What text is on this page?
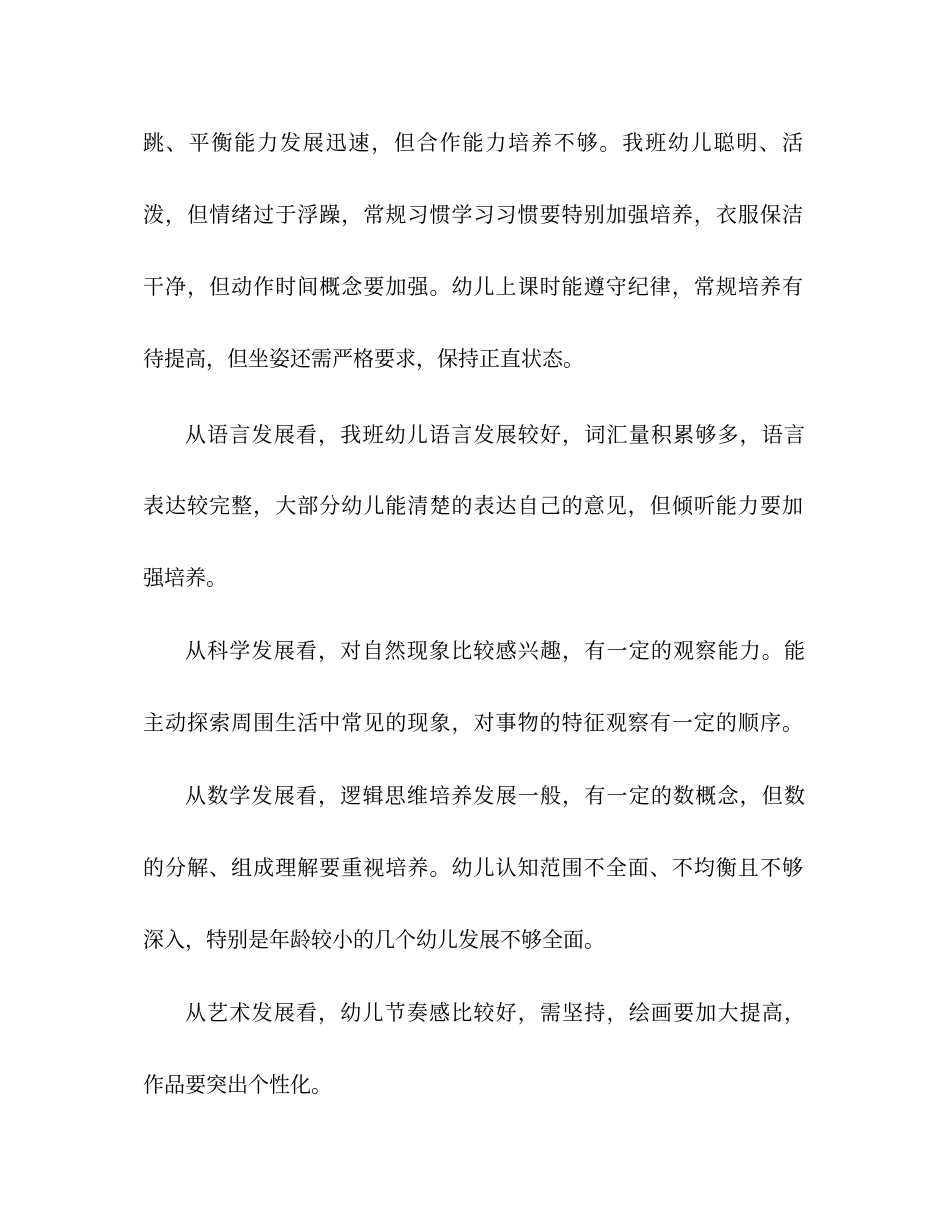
跳、平衡能力发展迅速，但合作能力培养不够。我班幼儿聪明、活

泼，但情绪过于浮躁，常规习惯学习习惯要特别加强培养，衣服保洁

干净，但动作时间概念要加强。幼儿上课时能遵守纪律，常规培养有

待提高，但坐姿还需严格要求，保持正直状态。

从语言发展看，我班幼儿语言发展较好，词汇量积累够多，语言

表达较完整，大部分幼儿能清楚的表达自己的意见，但倾听能力要加

强培养。

从科学发展看，对自然现象比较感兴趣，有一定的观察能力。能

主动探索周围生活中常见的现象，对事物的特征观察有一定的顺序。

从数学发展看，逻辑思维培养发展一般，有一定的数概念，但数

的分解、组成理解要重视培养。幼儿认知范围不全面、不均衡且不够

深入，特别是年龄较小的几个幼儿发展不够全面。

从艺术发展看，幼儿节奏感比较好，需坚持，绘画要加大提高，

作品要突出个性化。
